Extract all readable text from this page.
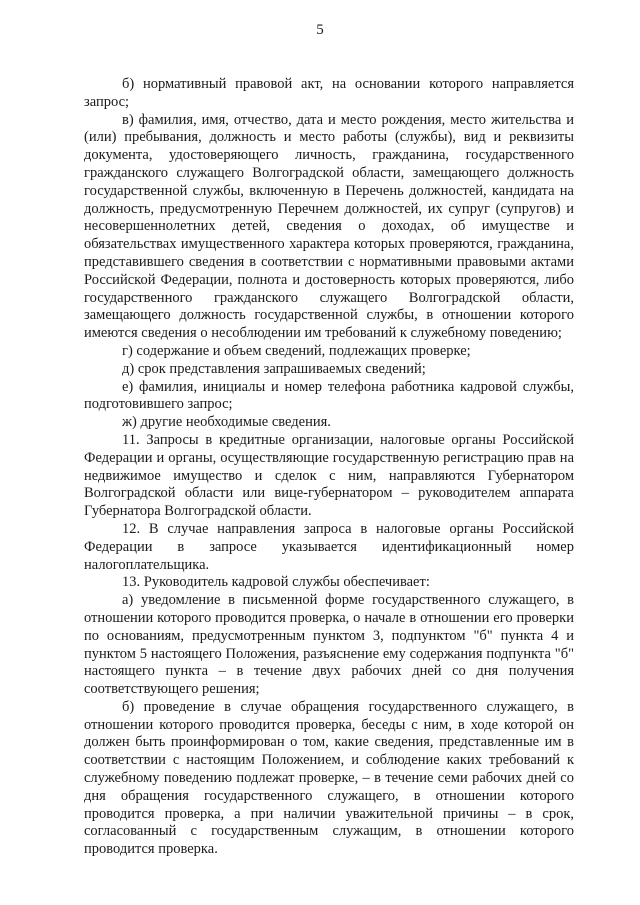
5

б) нормативный правовой акт, на основании которого направляется запрос;

в) фамилия, имя, отчество, дата и место рождения, место жительства и (или) пребывания, должность и место работы (службы), вид и реквизиты документа, удостоверяющего личность, гражданина, государственного гражданского служащего Волгоградской области, замещающего должность государственной службы, включенную в Перечень должностей, кандидата на должность, предусмотренную Перечнем должностей, их супруг (супругов) и несовершеннолетних детей, сведения о доходах, об имуществе и обязательствах имущественного характера которых проверяются, гражданина, представившего сведения в соответствии с нормативными правовыми актами Российской Федерации, полнота и достоверность которых проверяются, либо государственного гражданского служащего Волгоградской области, замещающего должность государственной службы, в отношении которого имеются сведения о несоблюдении им требований к служебному поведению;

г) содержание и объем сведений, подлежащих проверке;

д) срок представления запрашиваемых сведений;

е) фамилия, инициалы и номер телефона работника кадровой службы, подготовившего запрос;

ж) другие необходимые сведения.

11. Запросы в кредитные организации, налоговые органы Российской Федерации и органы, осуществляющие государственную регистрацию прав на недвижимое имущество и сделок с ним, направляются Губернатором Волгоградской области или вице-губернатором – руководителем аппарата Губернатора Волгоградской области.

12. В случае направления запроса в налоговые органы Российской Федерации в запросе указывается идентификационный номер налогоплательщика.

13. Руководитель кадровой службы обеспечивает:

а) уведомление в письменной форме государственного служащего, в отношении которого проводится проверка, о начале в отношении его проверки по основаниям, предусмотренным пунктом 3, подпунктом "б" пункта 4 и пунктом 5 настоящего Положения, разъяснение ему содержания подпункта "б" настоящего пункта – в течение двух рабочих дней со дня получения соответствующего решения;

б) проведение в случае обращения государственного служащего, в отношении которого проводится проверка, беседы с ним, в ходе которой он должен быть проинформирован о том, какие сведения, представленные им в соответствии с настоящим Положением, и соблюдение каких требований к служебному поведению подлежат проверке, – в течение семи рабочих дней со дня обращения государственного служащего, в отношении которого проводится проверка, а при наличии уважительной причины – в срок, согласованный с государственным служащим, в отношении которого проводится проверка.
